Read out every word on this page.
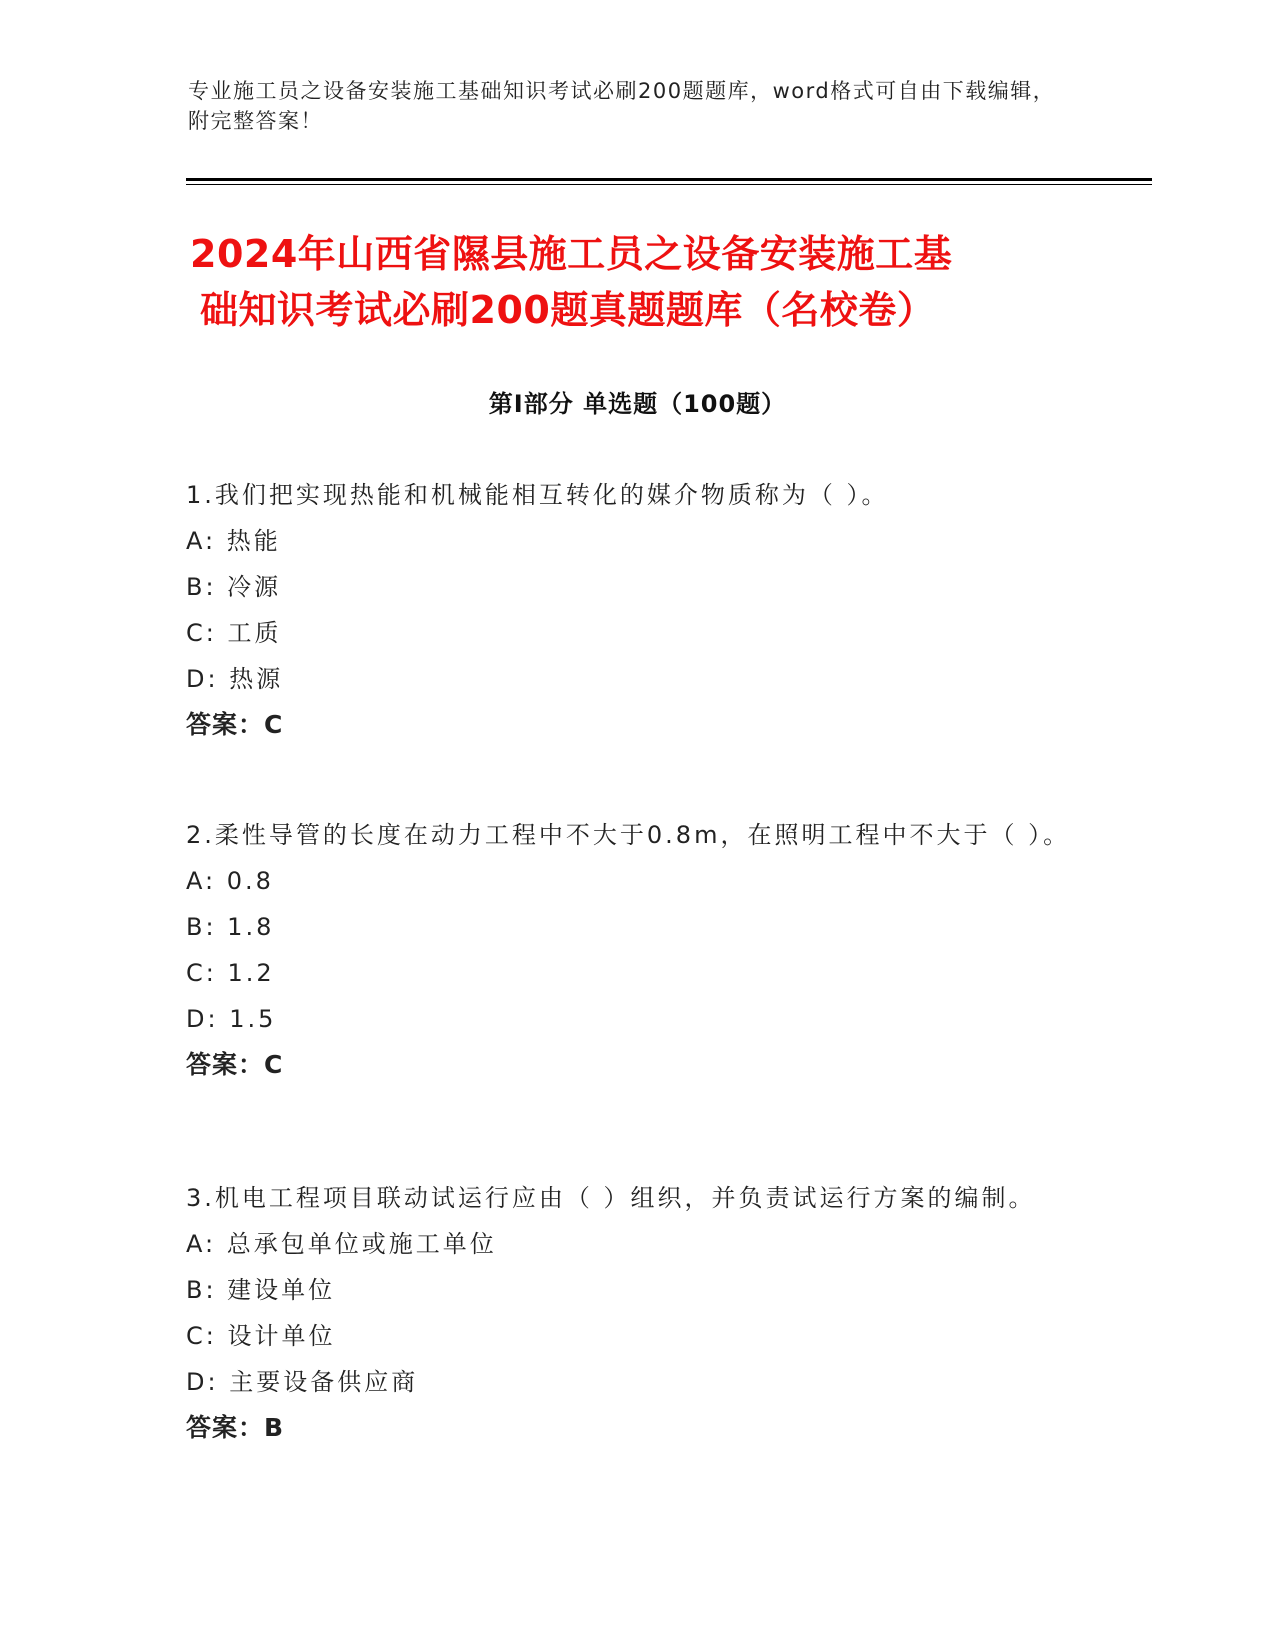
专业施工员之设备安装施工基础知识考试必刷200题题库，word格式可自由下载编辑，附完整答案！
2024年山西省隰县施工员之设备安装施工基
础知识考试必刷200题真题题库（名校卷）
第Ⅰ部分 单选题（100题）

1.我们把实现热能和机械能相互转化的媒介物质称为（ ）。

A: 热能

B: 冷源

C: 工质

D: 热源

答案：C

2.柔性导管的长度在动力工程中不大于0.8m，在照明工程中不大于（ ）。

A: 0.8

B: 1.8

C: 1.2

D: 1.5

答案：C

3.机电工程项目联动试运行应由（ ）组织，并负责试运行方案的编制。

A: 总承包单位或施工单位

B: 建设单位

C: 设计单位

D: 主要设备供应商

答案：B
